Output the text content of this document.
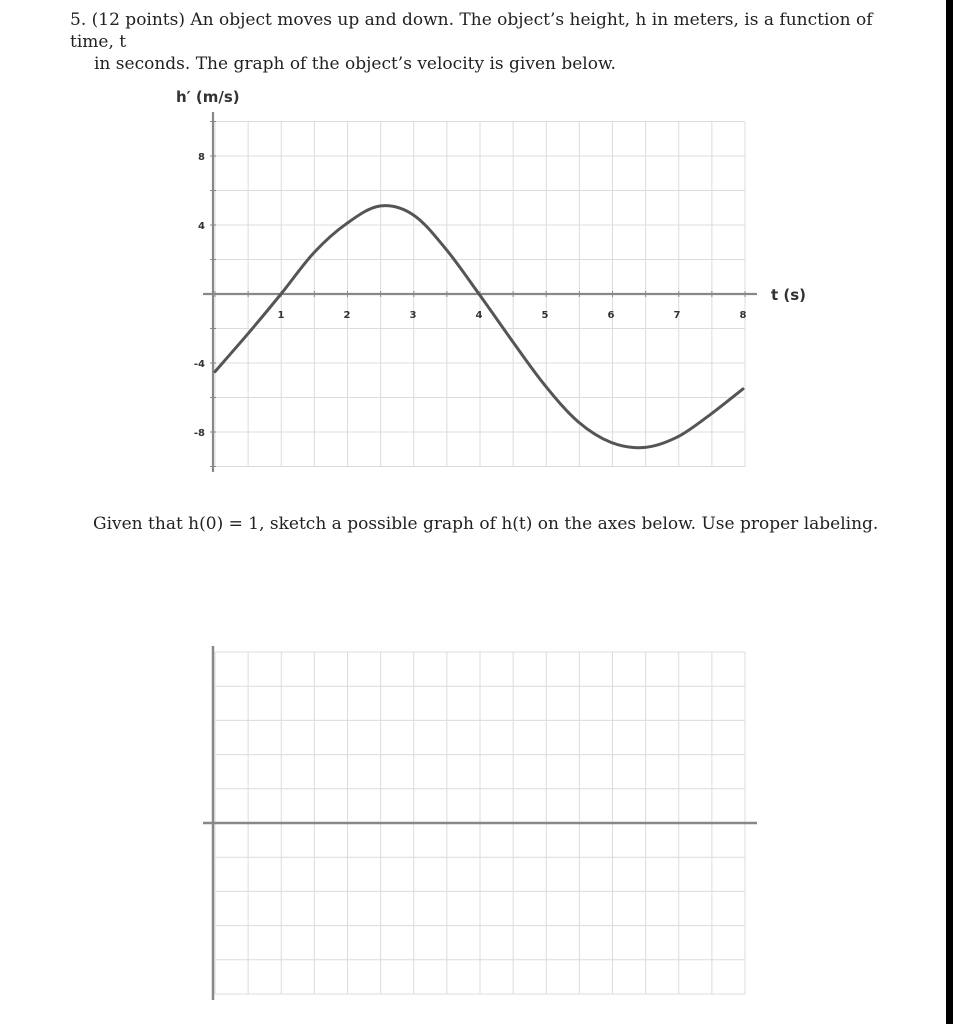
5. (12 points) An object moves up and down. The object’s height, h in meters, is a function of time, t
in seconds. The graph of the object’s velocity is given below.
1	2	3	4	5	6	7	8
8
4
-4
-8
h′ (m/s)
t (s)
Given that h(0) = 1, sketch a possible graph of h(t) on the axes below. Use proper labeling.
